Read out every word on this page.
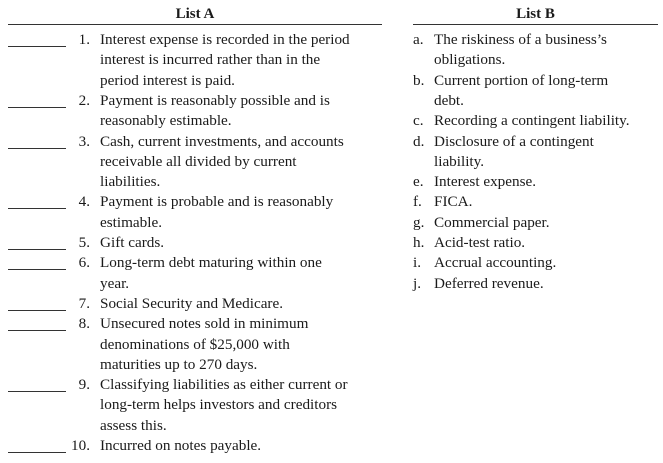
List A	List B
1. Interest expense is recorded in the period
interest is incurred rather than in the
period interest is paid.
2. Payment is reasonably possible and is
reasonably estimable.
3. Cash, current investments, and accounts
receivable all divided by current
liabilities.
4. Payment is probable and is reasonably
estimable.
5. Gift cards.
6. Long-term debt maturing within one
year.
7. Social Security and Medicare.
8. Unsecured notes sold in minimum
denominations of $25,000 with
maturities up to 270 days.
9. Classifying liabilities as either current or
long-term helps investors and creditors
assess this.
10. Incurred on notes payable.
a. The riskiness of a business’s
obligations.
b. Current portion of long-term
debt.
c. Recording a contingent liability.
d. Disclosure of a contingent
liability.
e. Interest expense.
f. FICA.
g. Commercial paper.
h. Acid-test ratio.
i. Accrual accounting.
j. Deferred revenue.
